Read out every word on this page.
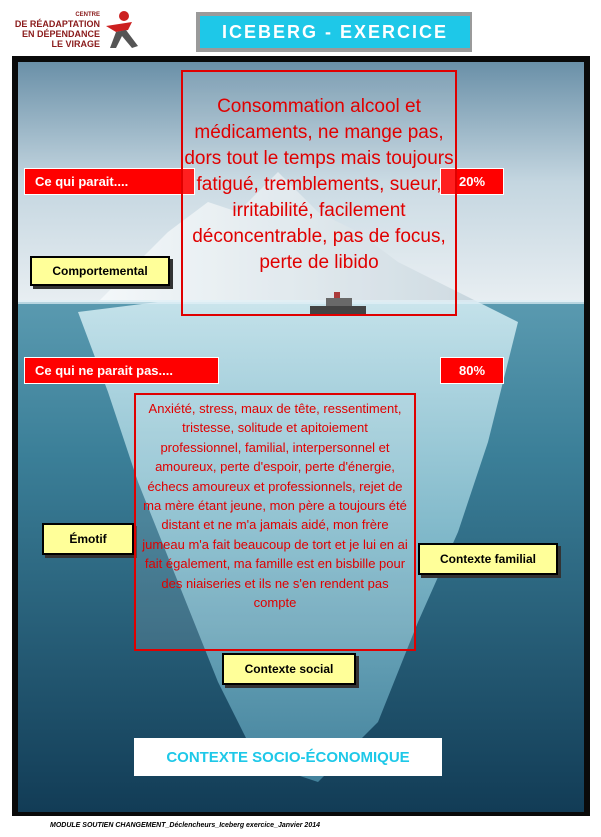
CENTRE
DE RÉADAPTATION
EN DÉPENDANCE
LE VIRAGE
ICEBERG - EXERCICE
Ce qui parait....	20%
Ce qui ne parait pas....	80%
Comportemental
Émotif
Contexte familial
Contexte social
Consommation alcool et médicaments, ne mange pas, dors tout le temps mais toujours fatigué, tremblements, sueur, irritabilité, facilement déconcentrable, pas de focus, perte de libido
Anxiété, stress, maux de tête, ressentiment, tristesse, solitude et apitoiement professionnel, familial, interpersonnel et amoureux, perte d'espoir, perte d'énergie, échecs amoureux et professionnels, rejet de ma mère étant jeune, mon père a toujours été distant et ne m'a jamais aidé, mon frère jumeau m'a fait beaucoup de tort et je lui en ai fait également, ma famille est en bisbille pour des niaiseries et ils ne s'en rendent pas compte
CONTEXTE SOCIO-ÉCONOMIQUE
MODULE SOUTIEN CHANGEMENT_Déclencheurs_Iceberg exercice_Janvier 2014
